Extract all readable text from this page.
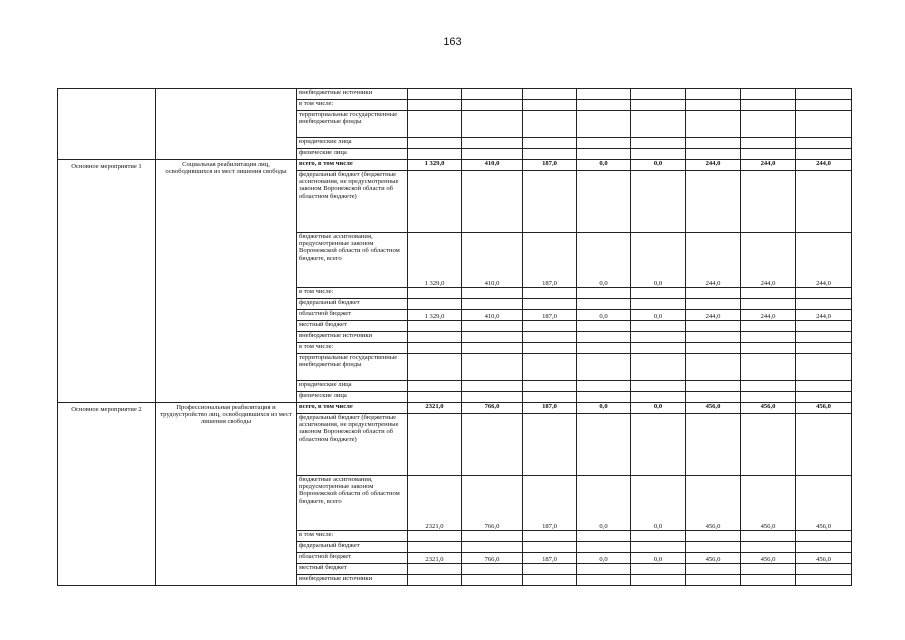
163
		внебюджетные источники								
		в том числе:								
		территориальные государственные внебюджетные фонды								
		юридические лица								
		физические лица								
Основное мероприятие 1	Социальная реабилитация лиц, освободившихся из мест лишения свободы	всего, в том числе	1 329,0	410,0	187,0	0,0	0,0	244,0	244,0	244,0
		федеральный бюджет (бюджетные ассигнования, не предусмотренные законом Воронежской области об областном бюджете)								
		бюджетные ассигнования, предусмотренные законом Воронежской области об областном бюджете, всего	1 329,0	410,0	187,0	0,0	0,0	244,0	244,0	244,0
		в том числе:								
		федеральный бюджет								
		областной бюджет	1 329,0	410,0	187,0	0,0	0,0	244,0	244,0	244,0
		местный бюджет								
		внебюджетные источники								
		в том числе:								
		территориальные государственные внебюджетные фонды								
		юридические лица								
		физические лица								
Основное мероприятие 2	Профессиональная реабилитация и трудоустройство лиц, освободившихся из мест лишения свободы	всего, в том числе	2321,0	766,0	187,0	0,0	0,0	456,0	456,0	456,0
		федеральный бюджет (бюджетные ассигнования, не предусмотренные законом Воронежской области об областном бюджете)								
		бюджетные ассигнования, предусмотренные законом Воронежской области об областном бюджете, всего	2321,0	766,0	187,0	0,0	0,0	456,0	456,0	456,0
		в том числе:								
		федеральный бюджет								
		областной бюджет	2321,0	766,0	187,0	0,0	0,0	456,0	456,0	456,0
		местный бюджет								
		внебюджетные источники								
